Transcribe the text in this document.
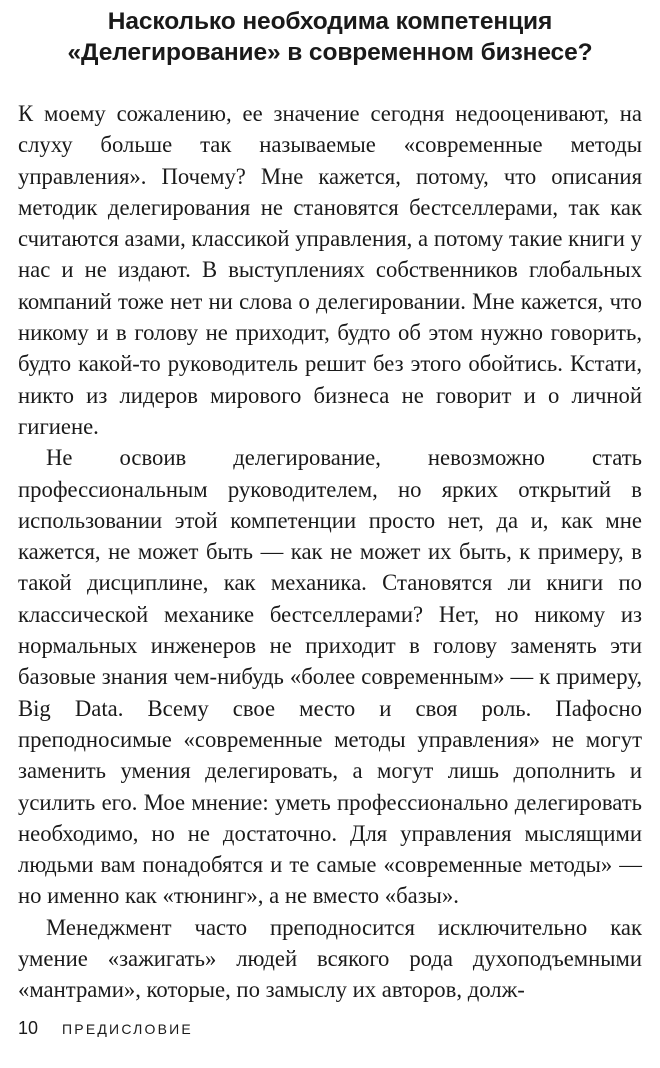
Насколько необходима компетенция
«Делегирование» в современном бизнесе?

К моему сожалению, ее значение сегодня недооценивают, на слуху больше так называемые «современные методы управления». Почему? Мне кажется, потому, что описания методик делегирования не становятся бестселлерами, так как считаются азами, классикой управления, а потому такие книги у нас и не издают. В выступлениях собственников глобальных компаний тоже нет ни слова о делегировании. Мне кажется, что никому и в голову не приходит, будто об этом нужно говорить, будто какой-то руководитель решит без этого обойтись. Кстати, никто из лидеров мирового бизнеса не говорит и о личной гигиене.

Не освоив делегирование, невозможно стать профессиональным руководителем, но ярких открытий в использовании этой компетенции просто нет, да и, как мне кажется, не может быть — как не может их быть, к примеру, в такой дисциплине, как механика. Становятся ли книги по классической механике бестселлерами? Нет, но никому из нормальных инженеров не приходит в голову заменять эти базовые знания чем-нибудь «более современным» — к примеру, Big Data. Всему свое место и своя роль. Пафосно преподносимые «современные методы управления» не могут заменить умения делегировать, а могут лишь дополнить и усилить его. Мое мнение: уметь профессионально делегировать необходимо, но не достаточно. Для управления мыслящими людьми вам понадобятся и те самые «современные методы» — но именно как «тюнинг», а не вместо «базы».

Менеджмент часто преподносится исключительно как умение «зажигать» людей всякого рода духоподъемными «мантрами», которые, по замыслу их авторов, долж-

10 ПРЕДИСЛОВИЕ
